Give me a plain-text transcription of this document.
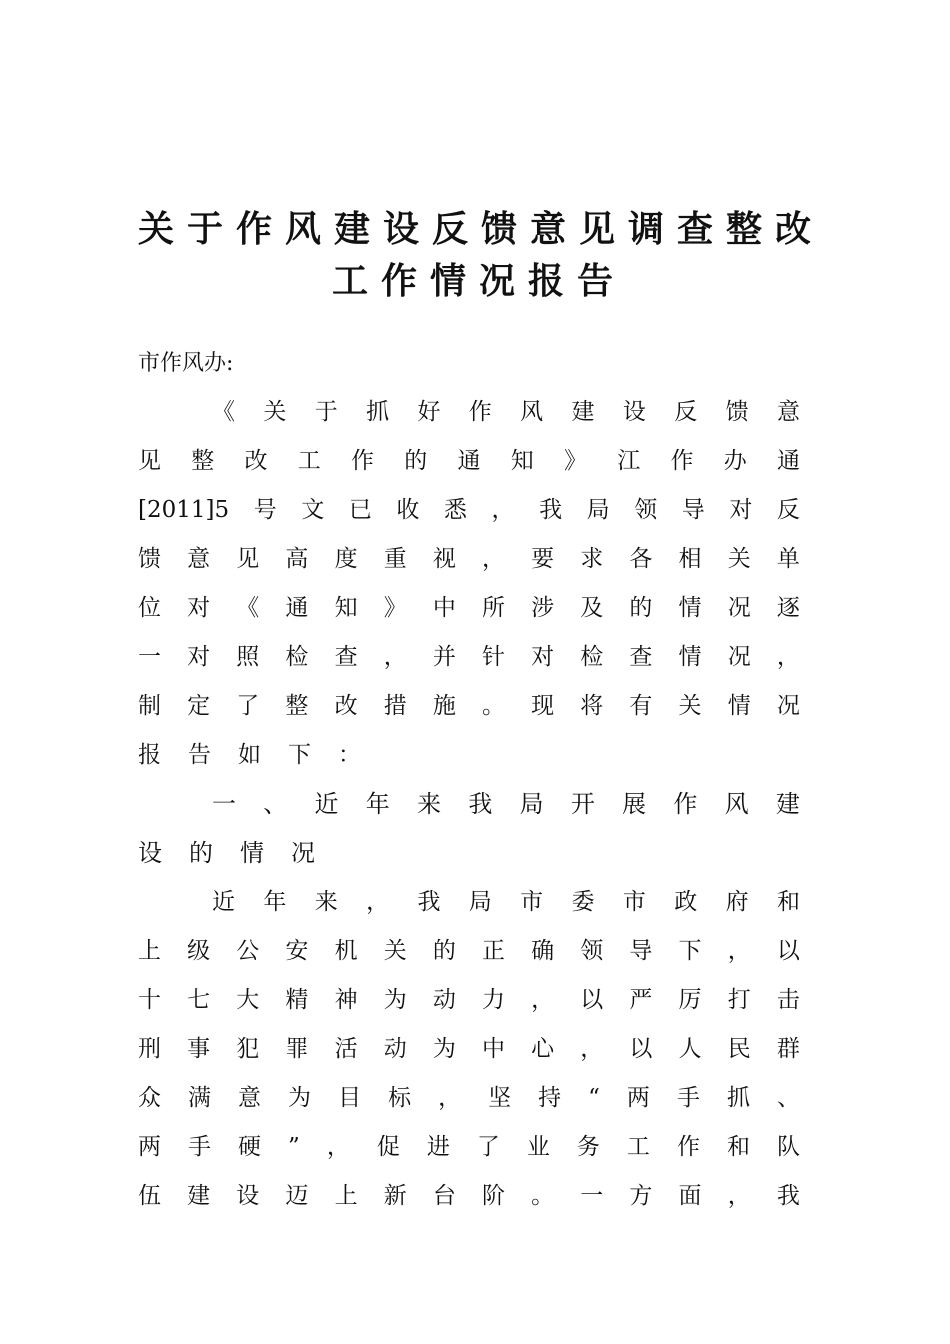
关于作风建设反馈意见调查整改
工作情况报告
市作风办:
《 关 于 抓 好 作 风 建 设 反 馈 意
见 整 改 工 作 的 通 知 》 江 作 办 通
[2011]5 号 文 已 收 悉 ， 我 局 领 导 对 反
馈 意 见 高 度 重 视 ， 要 求 各 相 关 单
位 对 《 通 知 》 中 所 涉 及 的 情 况 逐
一 对 照 检 查 ， 并 针 对 检 查 情 况 ，
制 定 了 整 改 措 施 。 现 将 有 关 情 况
报 告 如 下 ：
一 、 近 年 来 我 局 开 展 作 风 建
设 的 情 况
近 年 来 ， 我 局 市 委 市 政 府 和
上 级 公 安 机 关 的 正 确 领 导 下 ， 以
十 七 大 精 神 为 动 力 ， 以 严 厉 打 击
刑 事 犯 罪 活 动 为 中 心 ， 以 人 民 群
众 满 意 为 目 标 ， 坚 持 “ 两 手 抓 、
两 手 硬 ” ， 促 进 了 业 务 工 作 和 队
伍 建 设 迈 上 新 台 阶 。 一 方 面 ， 我
